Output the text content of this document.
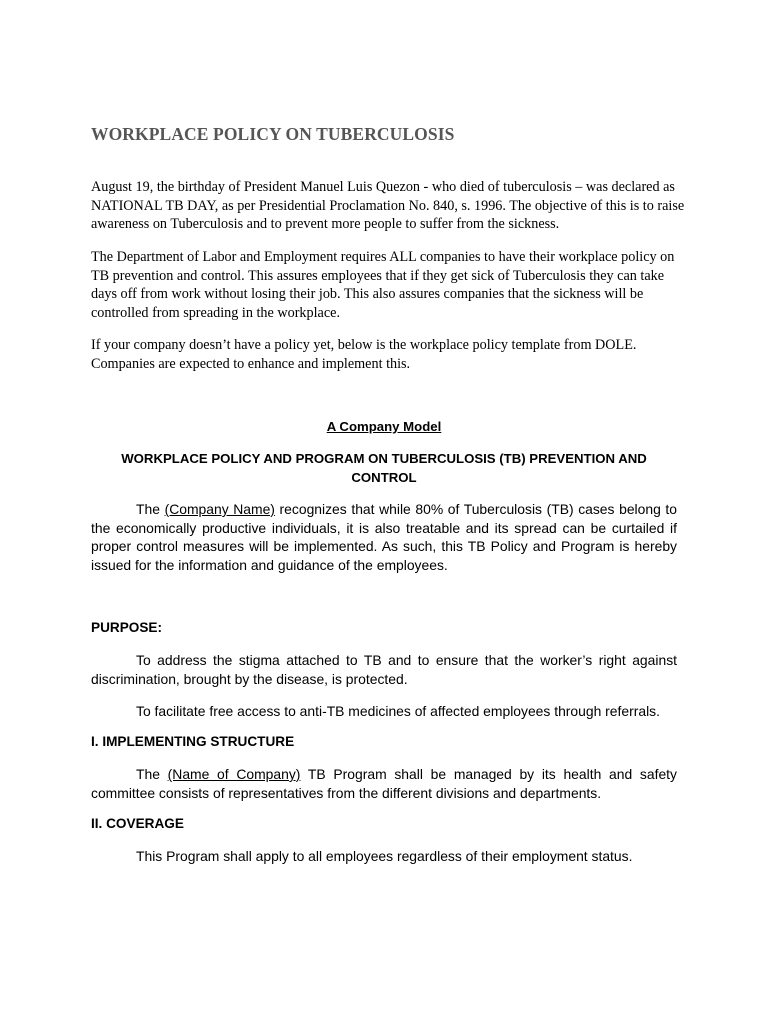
WORKPLACE POLICY ON TUBERCULOSIS

August 19, the birthday of President Manuel Luis Quezon - who died of tuberculosis – was declared as NATIONAL TB DAY, as per Presidential Proclamation No. 840, s. 1996. The objective of this is to raise awareness on Tuberculosis and to prevent more people to suffer from the sickness.

The Department of Labor and Employment requires ALL companies to have their workplace policy on TB prevention and control. This assures employees that if they get sick of Tuberculosis they can take days off from work without losing their job. This also assures companies that the sickness will be controlled from spreading in the workplace.

If your company doesn’t have a policy yet, below is the workplace policy template from DOLE. Companies are expected to enhance and implement this.

A Company Model

WORKPLACE POLICY AND PROGRAM ON TUBERCULOSIS (TB) PREVENTION AND CONTROL

The (Company Name) recognizes that while 80% of Tuberculosis (TB) cases belong to the economically productive individuals, it is also treatable and its spread can be curtailed if proper control measures will be implemented. As such, this TB Policy and Program is hereby issued for the information and guidance of the employees.

PURPOSE:

To address the stigma attached to TB and to ensure that the worker’s right against discrimination, brought by the disease, is protected.

To facilitate free access to anti-TB medicines of affected employees through referrals.

I. IMPLEMENTING STRUCTURE

The (Name of Company) TB Program shall be managed by its health and safety committee consists of representatives from the different divisions and departments.

II. COVERAGE

This Program shall apply to all employees regardless of their employment status.
